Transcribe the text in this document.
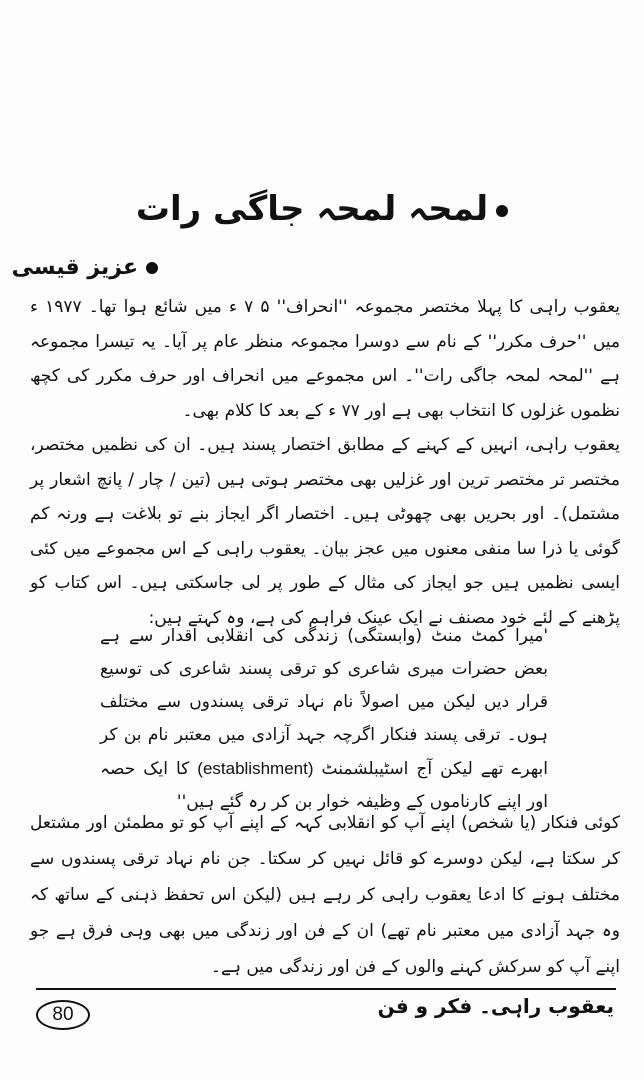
لمحہ لمحہ جاگی رات
عزیز قیسی

یعقوب راہی کا پہلا مختصر مجموعہ ''انحراف'' ۵ ۷ ء میں شائع ہوا تھا۔ ۱۹۷۷ ء میں ''حرف مکرر'' کے نام سے دوسرا مجموعہ منظر عام پر آیا۔ یہ تیسرا مجموعہ ہے ''لمحہ لمحہ جاگی رات''۔ اس مجموعے میں انحراف اور حرف مکرر کی کچھ نظموں غزلوں کا انتخاب بھی ہے اور ۷۷ ء کے بعد کا کلام بھی۔

یعقوب راہی، انہیں کے کہنے کے مطابق اختصار پسند ہیں۔ ان کی نظمیں مختصر، مختصر تر مختصر ترین اور غزلیں بھی مختصر ہوتی ہیں (تین / چار / پانچ اشعار پر مشتمل)۔ اور بحریں بھی چھوٹی ہیں۔ اختصار اگر ایجاز بنے تو بلاغت ہے ورنہ کم گوئی یا ذرا سا منفی معنوں میں عجز بیان۔ یعقوب راہی کے اس مجموعے میں کئی ایسی نظمیں ہیں جو ایجاز کی مثال کے طور پر لی جاسکتی ہیں۔ اس کتاب کو پڑھنے کے لئے خود مصنف نے ایک عینک فراہم کی ہے، وہ کہتے ہیں:

'میرا کمٹ منٹ (وابستگی) زندگی کی انقلابی اقدار سے ہے بعض حضرات میری شاعری کو ترقی پسند شاعری کی توسیع قرار دیں لیکن میں اصولاً نام نہاد ترقی پسندوں سے مختلف ہوں۔ ترقی پسند فنکار اگرچہ جہد آزادی میں معتبر نام بن کر ابھرے تھے لیکن آج اسٹیبلشمنٹ (establishment) کا ایک حصہ اور اپنے کارناموں کے وظیفہ خوار بن کر رہ گئے ہیں''

کوئی فنکار (یا شخص) اپنے آپ کو انقلابی کہہ کے اپنے آپ کو تو مطمئن اور مشتعل کر سکتا ہے، لیکن دوسرے کو قائل نہیں کر سکتا۔ جن نام نہاد ترقی پسندوں سے مختلف ہونے کا ادعا یعقوب راہی کر رہے ہیں (لیکن اس تحفظ ذہنی کے ساتھ کہ وہ جہد آزادی میں معتبر نام تھے) ان کے فن اور زندگی میں بھی وہی فرق ہے جو اپنے آپ کو سرکش کہنے والوں کے فن اور زندگی میں ہے۔

یعقوب راہی۔ فکر و فن
80
